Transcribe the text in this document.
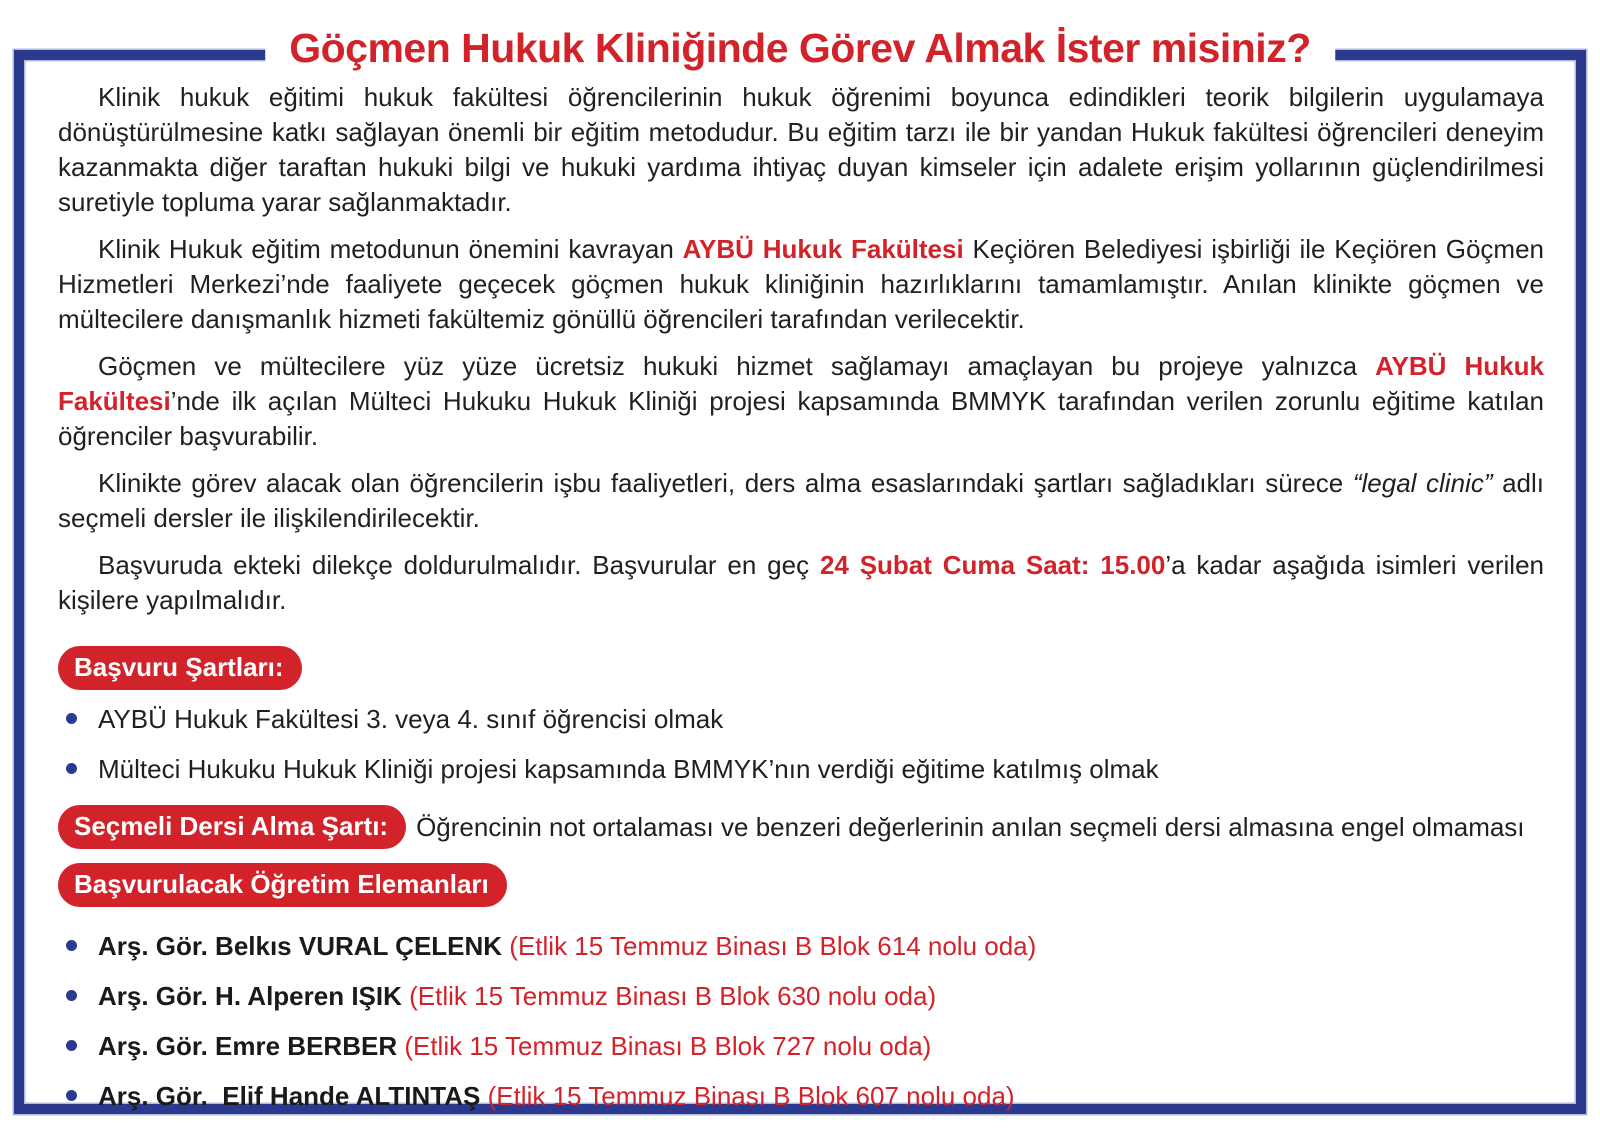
Göçmen Hukuk Kliniğinde Görev Almak İster misiniz?

Klinik hukuk eğitimi hukuk fakültesi öğrencilerinin hukuk öğrenimi boyunca edindikleri teorik bilgilerin uygulamaya dönüştürülmesine katkı sağlayan önemli bir eğitim metodudur. Bu eğitim tarzı ile bir yandan Hukuk fakültesi öğrencileri deneyim kazanmakta diğer taraftan hukuki bilgi ve hukuki yardıma ihtiyaç duyan kimseler için adalete erişim yollarının güçlendirilmesi suretiyle topluma yarar sağlanmaktadır.

Klinik Hukuk eğitim metodunun önemini kavrayan AYBÜ Hukuk Fakültesi Keçiören Belediyesi işbirliği ile Keçiören Göçmen Hizmetleri Merkezi’nde faaliyete geçecek göçmen hukuk kliniğinin hazırlıklarını tamamlamıştır. Anılan klinikte göçmen ve mültecilere danışmanlık hizmeti fakültemiz gönüllü öğrencileri tarafından verilecektir.

Göçmen ve mültecilere yüz yüze ücretsiz hukuki hizmet sağlamayı amaçlayan bu projeye yalnızca AYBÜ Hukuk Fakültesi’nde ilk açılan Mülteci Hukuku Hukuk Kliniği projesi kapsamında BMMYK tarafından verilen zorunlu eğitime katılan öğrenciler başvurabilir.

Klinikte görev alacak olan öğrencilerin işbu faaliyetleri, ders alma esaslarındaki şartları sağladıkları sürece “legal clinic” adlı seçmeli dersler ile ilişkilendirilecektir.

Başvuruda ekteki dilekçe doldurulmalıdır. Başvurular en geç 24 Şubat Cuma Saat: 15.00’a kadar aşağıda isimleri verilen kişilere yapılmalıdır.

Başvuru Şartları:
AYBÜ Hukuk Fakültesi 3. veya 4. sınıf öğrencisi olmak
Mülteci Hukuku Hukuk Kliniği projesi kapsamında BMMYK’nın verdiği eğitime katılmış olmak
Seçmeli Dersi Alma Şartı:	Öğrencinin not ortalaması ve benzeri değerlerinin anılan seçmeli dersi almasına engel olmaması
Başvurulacak Öğretim Elemanları
Arş. Gör. Belkıs VURAL ÇELENK (Etlik 15 Temmuz Binası B Blok 614 nolu oda)
Arş. Gör. H. Alperen IŞIK (Etlik 15 Temmuz Binası B Blok 630 nolu oda)
Arş. Gör. Emre BERBER (Etlik 15 Temmuz Binası B Blok 727 nolu oda)
Arş. Gör.  Elif Hande ALTINTAŞ (Etlik 15 Temmuz Binası B Blok 607 nolu oda)
